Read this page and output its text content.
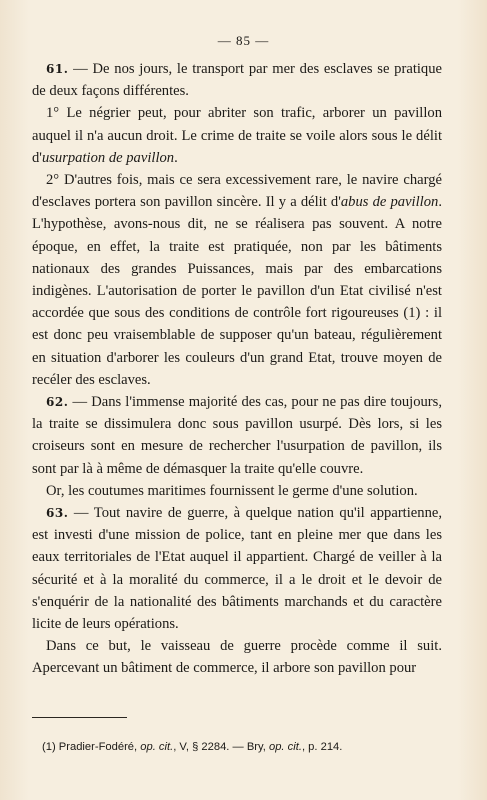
— 85 —

61. — De nos jours, le transport par mer des esclaves se pratique de deux façons différentes.

1° Le négrier peut, pour abriter son trafic, arborer un pavillon auquel il n'a aucun droit. Le crime de traite se voile alors sous le délit d'usurpation de pavillon.

2° D'autres fois, mais ce sera excessivement rare, le navire chargé d'esclaves portera son pavillon sincère. Il y a délit d'abus de pavillon. L'hypothèse, avons-nous dit, ne se réalisera pas souvent. A notre époque, en effet, la traite est pratiquée, non par les bâtiments nationaux des grandes Puissances, mais par des embarcations indigènes. L'autorisation de porter le pavillon d'un Etat civilisé n'est accordée que sous des conditions de contrôle fort rigoureuses (1) : il est donc peu vraisemblable de supposer qu'un bateau, régulièrement en situation d'arborer les couleurs d'un grand Etat, trouve moyen de recéler des esclaves.

62. — Dans l'immense majorité des cas, pour ne pas dire toujours, la traite se dissimulera donc sous pavillon usurpé. Dès lors, si les croiseurs sont en mesure de rechercher l'usurpation de pavillon, ils sont par là à même de démasquer la traite qu'elle couvre.

Or, les coutumes maritimes fournissent le germe d'une solution.

63. — Tout navire de guerre, à quelque nation qu'il appartienne, est investi d'une mission de police, tant en pleine mer que dans les eaux territoriales de l'Etat auquel il appartient. Chargé de veiller à la sécurité et à la moralité du commerce, il a le droit et le devoir de s'enquérir de la nationalité des bâtiments marchands et du caractère licite de leurs opérations.

Dans ce but, le vaisseau de guerre procède comme il suit. Apercevant un bâtiment de commerce, il arbore son pavillon pour

(1) Pradier-Fodéré, op. cit., V, § 2284. — Bry, op. cit., p. 214.
